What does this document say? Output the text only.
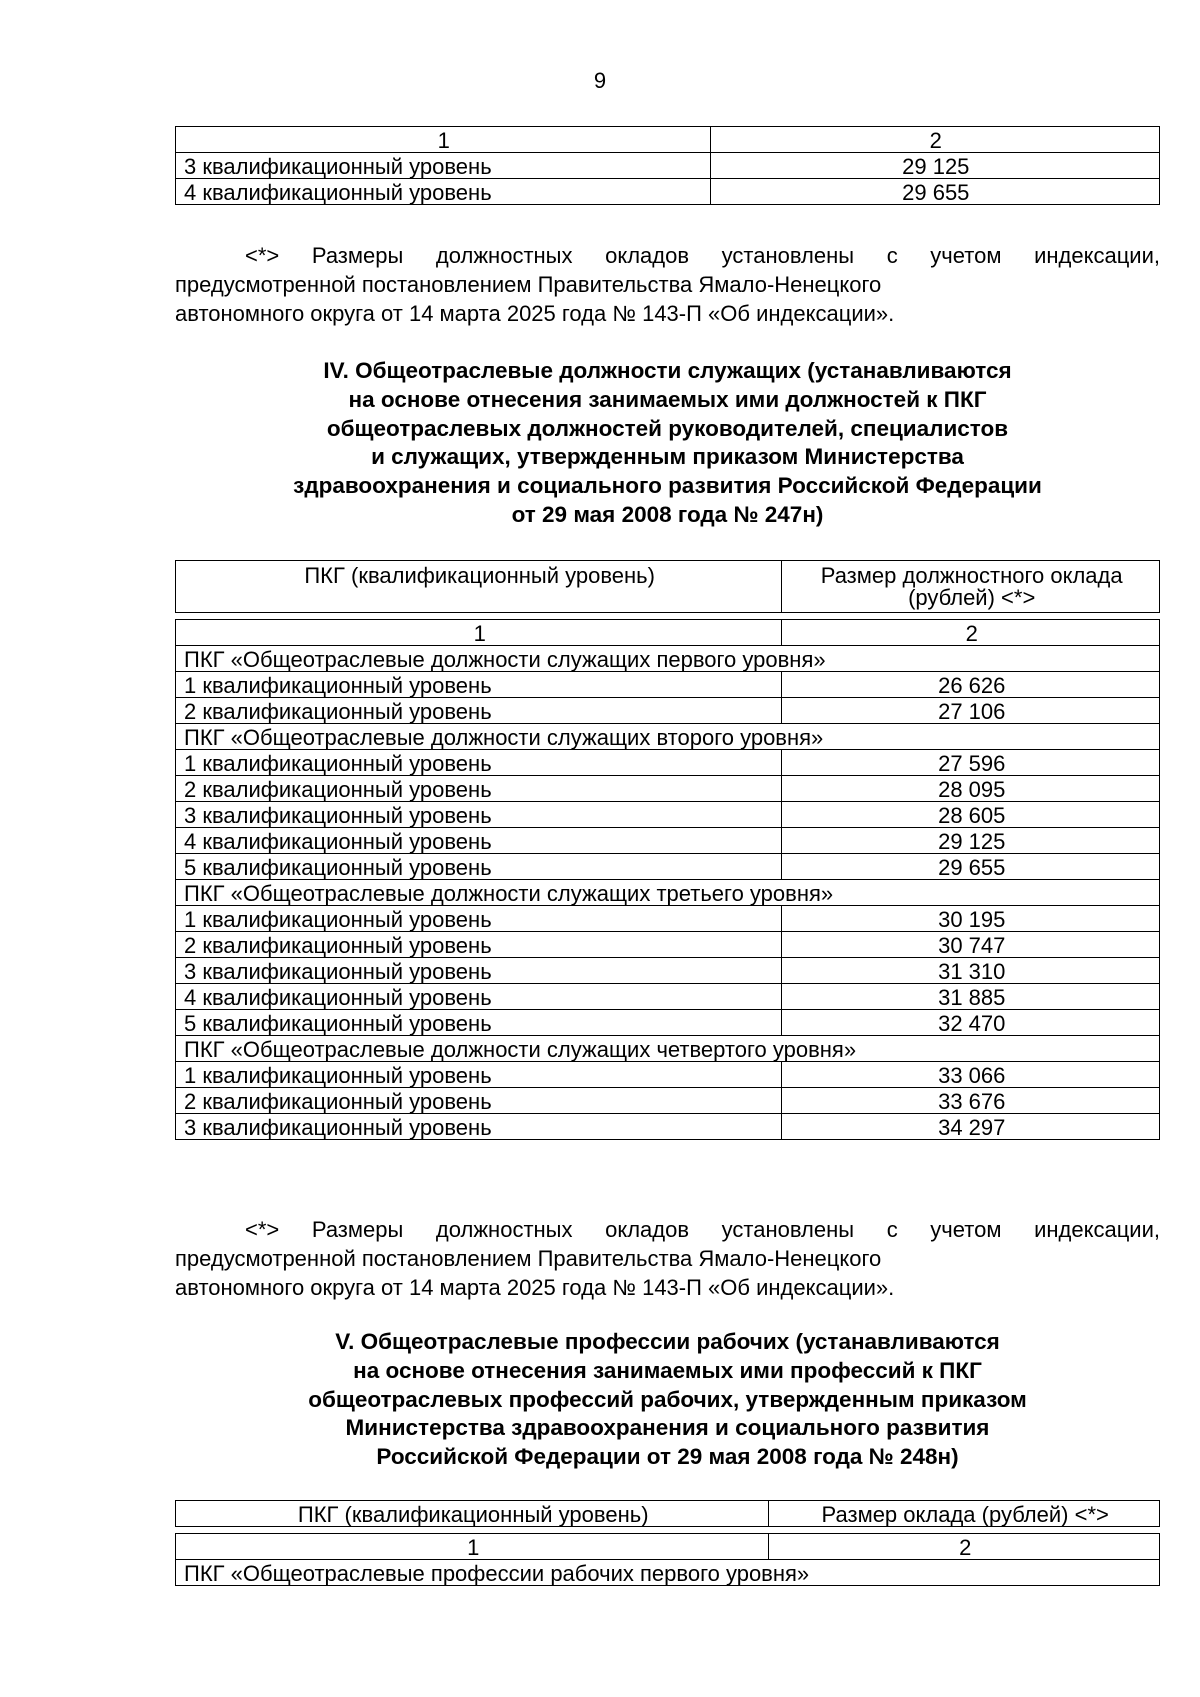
9
1	2
3 квалификационный уровень	29 125
4 квалификационный уровень	29 655

<*> Размеры должностных окладов установлены с учетом индексации, предусмотренной постановлением Правительства Ямало-Ненецкого

автономного округа от 14 марта 2025 года № 143-П «Об индексации».

IV. Общеотраслевые должности служащих (устанавливаются
на основе отнесения занимаемых ими должностей к ПКГ
общеотраслевых должностей руководителей, специалистов
и служащих, утвержденным приказом Министерства
здравоохранения и социального развития Российской Федерации
от 29 мая 2008 года № 247н)
ПКГ (квалификационный уровень)	Размер должностного оклада (рублей) <*>
1	2
ПКГ «Общеотраслевые должности служащих первого уровня»	
1 квалификационный уровень	26 626
2 квалификационный уровень	27 106
ПКГ «Общеотраслевые должности служащих второго уровня»	
1 квалификационный уровень	27 596
2 квалификационный уровень	28 095
3 квалификационный уровень	28 605
4 квалификационный уровень	29 125
5 квалификационный уровень	29 655
ПКГ «Общеотраслевые должности служащих третьего уровня»	
1 квалификационный уровень	30 195
2 квалификационный уровень	30 747
3 квалификационный уровень	31 310
4 квалификационный уровень	31 885
5 квалификационный уровень	32 470
ПКГ «Общеотраслевые должности служащих четвертого уровня»	
1 квалификационный уровень	33 066
2 квалификационный уровень	33 676
3 квалификационный уровень	34 297

<*> Размеры должностных окладов установлены с учетом индексации, предусмотренной постановлением Правительства Ямало-Ненецкого

автономного округа от 14 марта 2025 года № 143-П «Об индексации».

V. Общеотраслевые профессии рабочих (устанавливаются
на основе отнесения занимаемых ими профессий к ПКГ
общеотраслевых профессий рабочих, утвержденным приказом
Министерства здравоохранения и социального развития
Российской Федерации от 29 мая 2008 года № 248н)
ПКГ (квалификационный уровень)	Размер оклада (рублей) <*>
1	2
ПКГ «Общеотраслевые профессии рабочих первого уровня»
